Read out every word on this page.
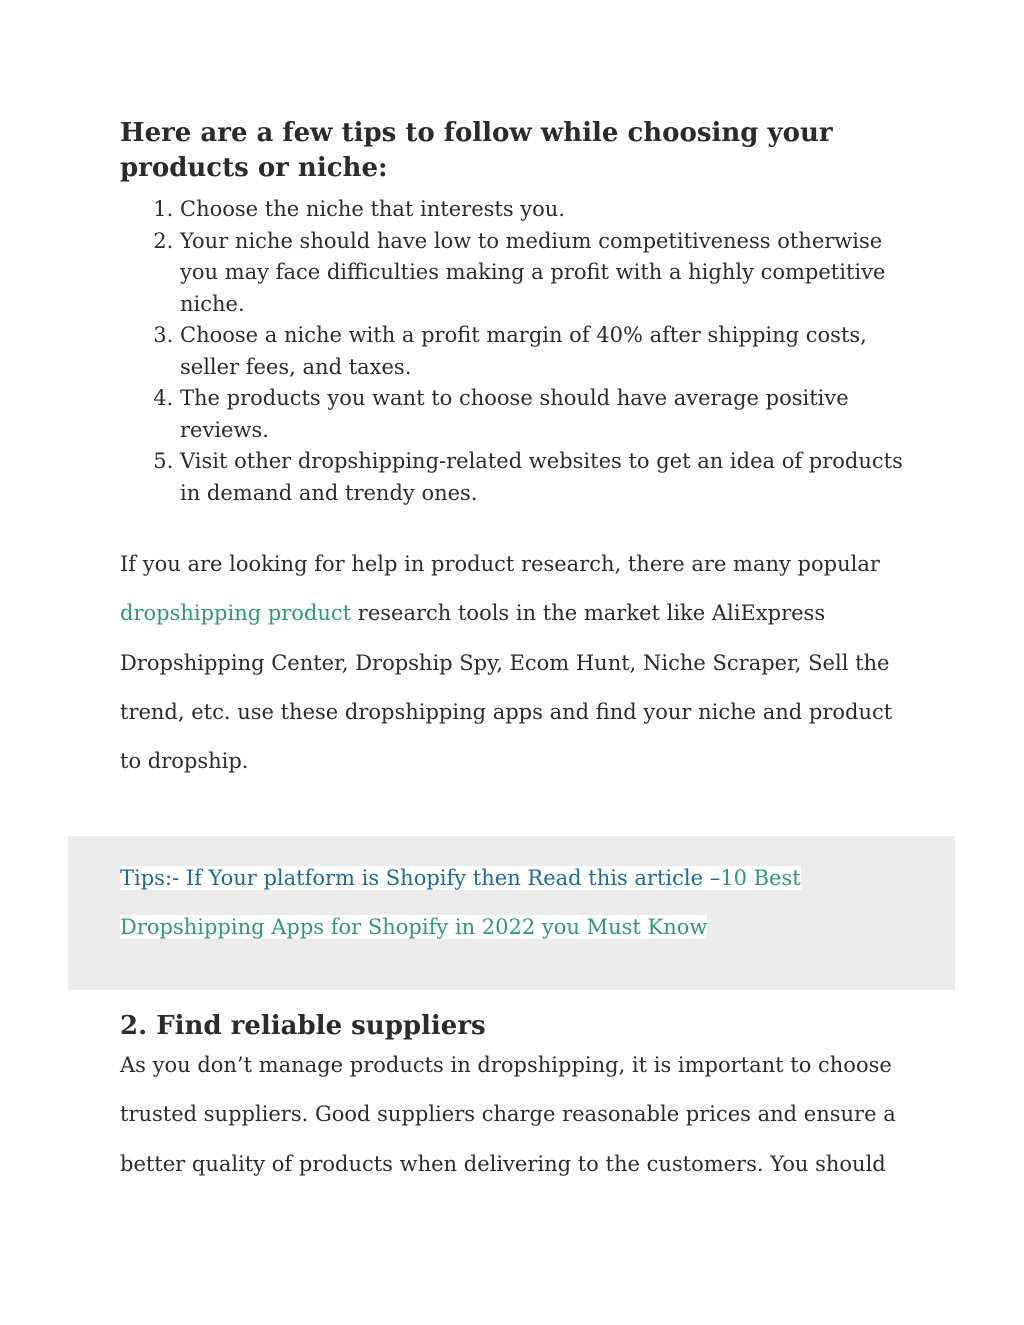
Here are a few tips to follow while choosing your products or niche:
1. Choose the niche that interests you.
2. Your niche should have low to medium competitiveness otherwise you may face difficulties making a profit with a highly competitive niche.
3. Choose a niche with a profit margin of 40% after shipping costs, seller fees, and taxes.
4. The products you want to choose should have average positive reviews.
5. Visit other dropshipping-related websites to get an idea of products in demand and trendy ones.

If you are looking for help in product research, there are many popular dropshipping product research tools in the market like AliExpress Dropshipping Center, Dropship Spy, Ecom Hunt, Niche Scraper, Sell the trend, etc. use these dropshipping apps and find your niche and product to dropship.

Tips:- If Your platform is Shopify then Read this article –10 Best Dropshipping Apps for Shopify in 2022 you Must Know

2. Find reliable suppliers

As you don’t manage products in dropshipping, it is important to choose trusted suppliers. Good suppliers charge reasonable prices and ensure a better quality of products when delivering to the customers. You should
